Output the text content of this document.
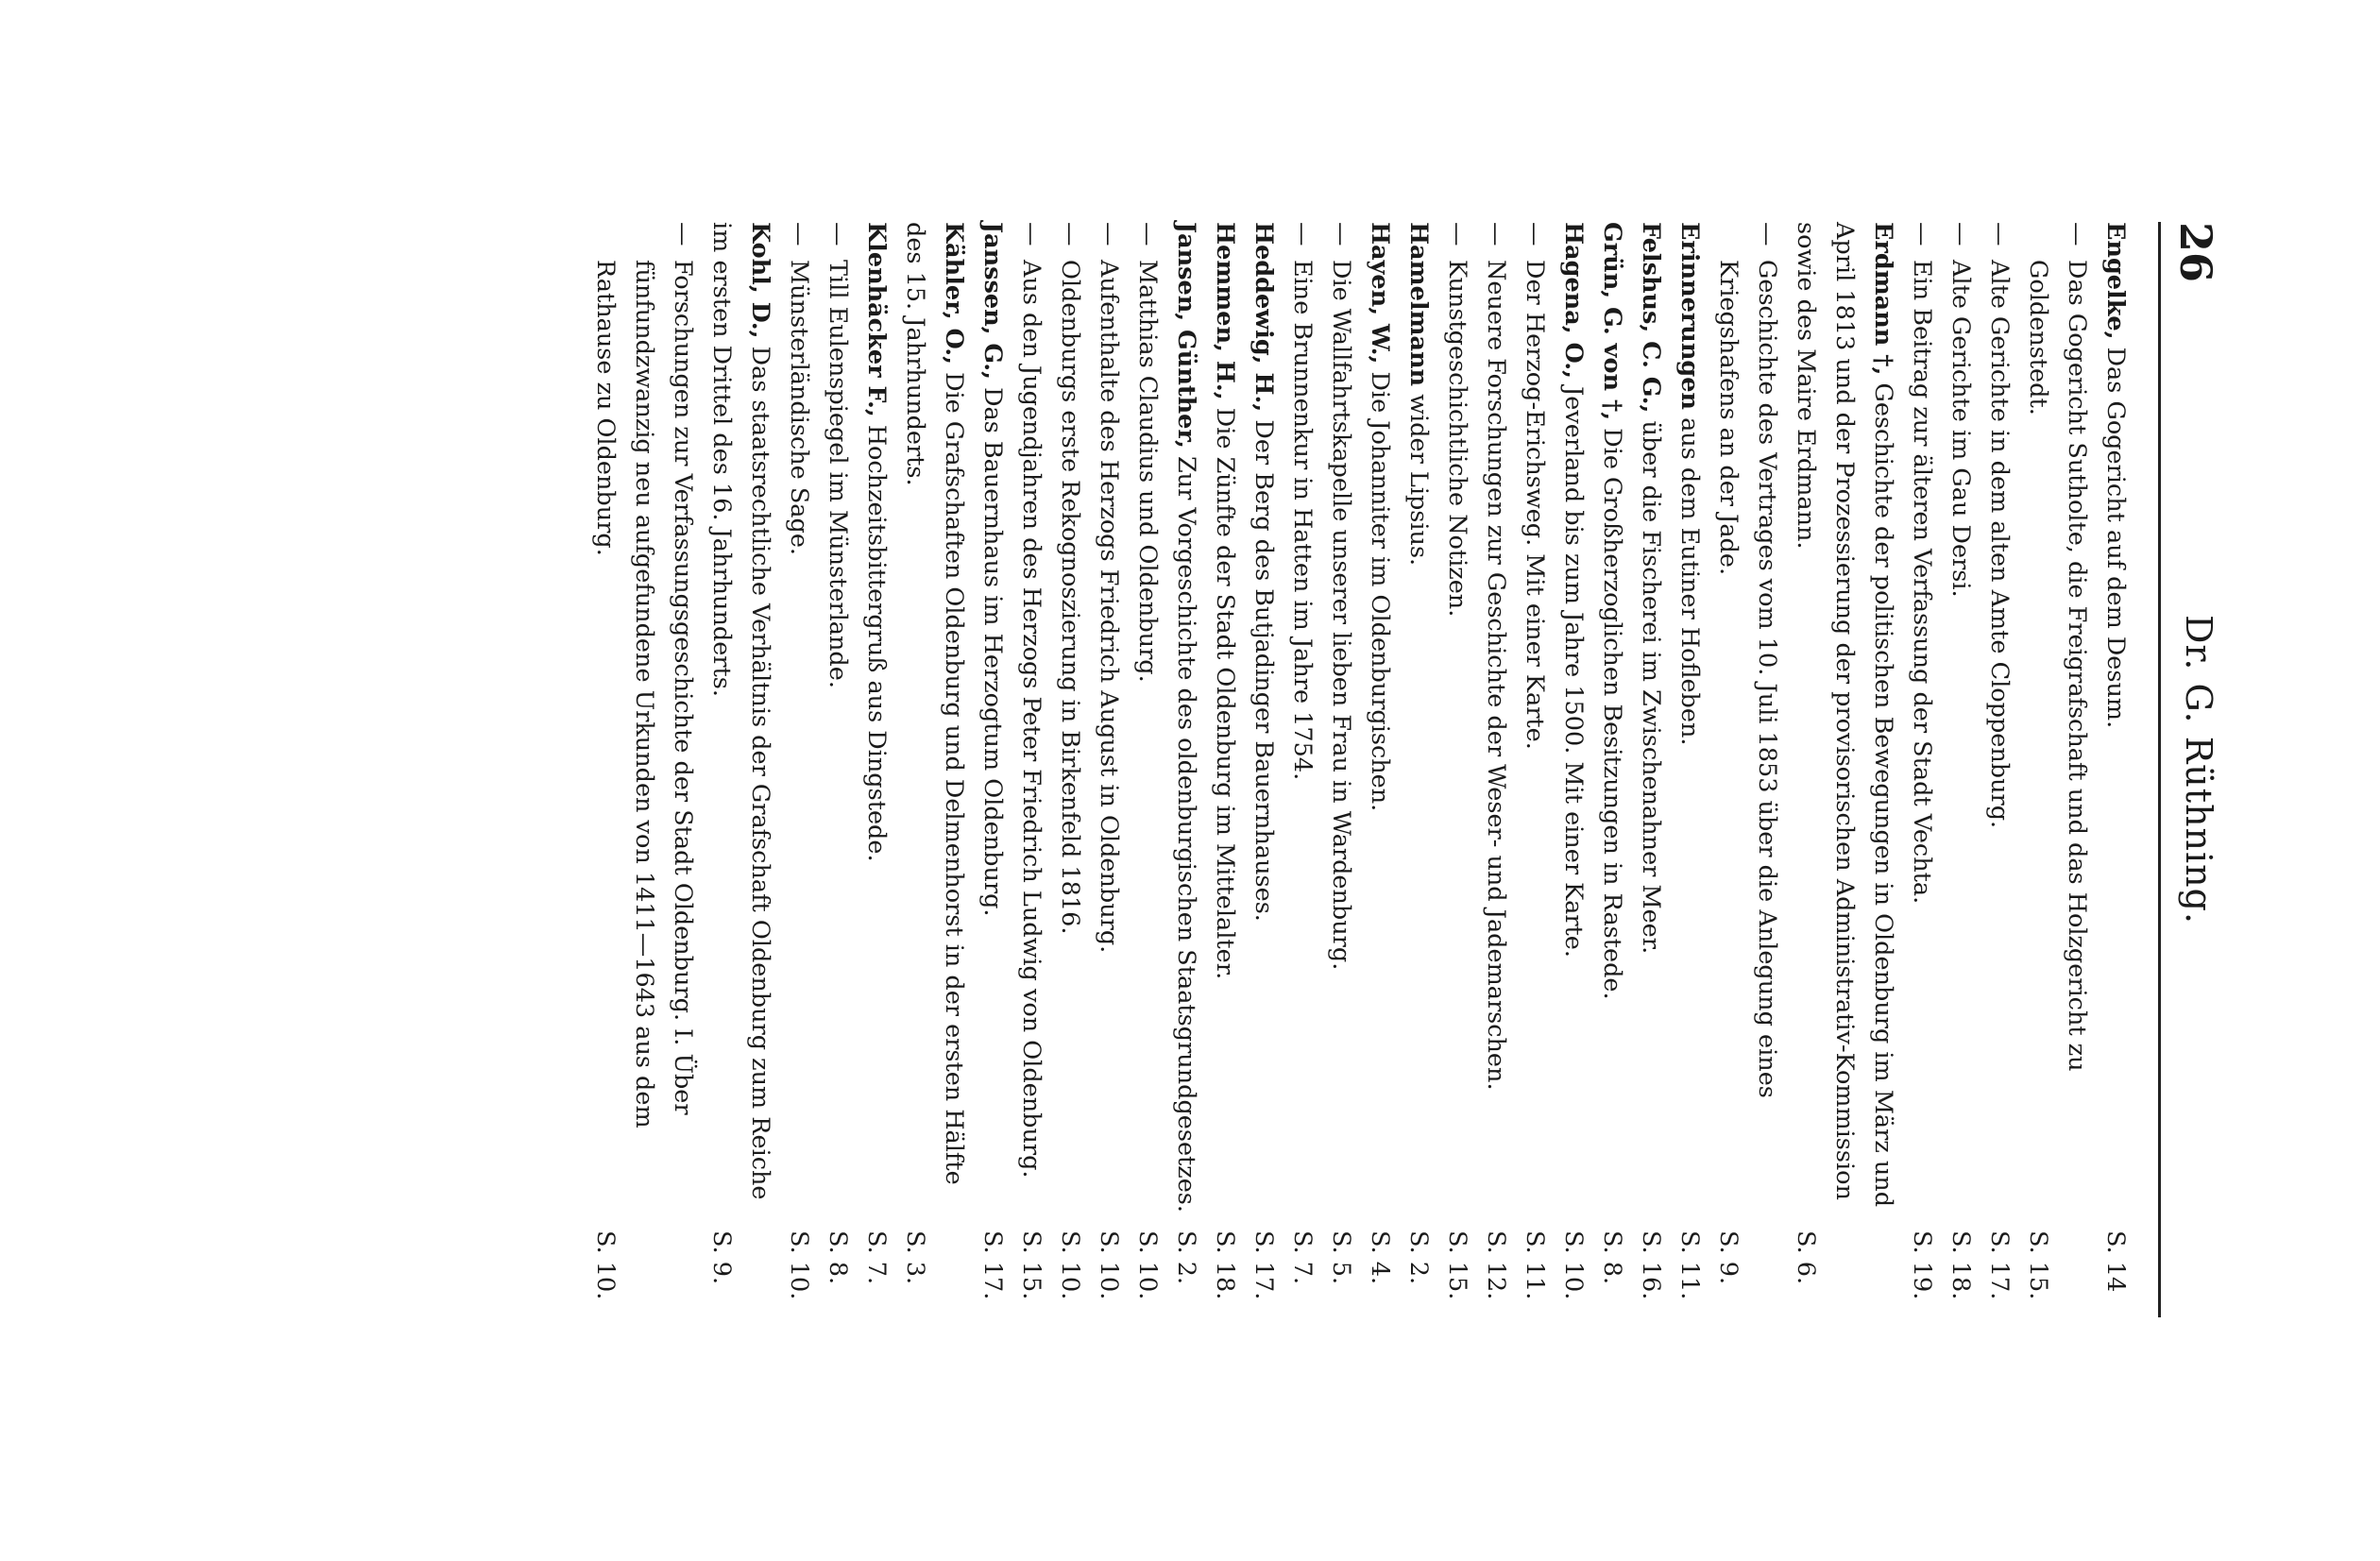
26
Dr. G. Rüthning.
Engelke, Das Gogericht auf dem Desum.
S. 14
—
Das Gogericht Sutholte, die Freigrafschaft und das Holzgericht zu Goldenstedt.
S. 15.
—
Alte Gerichte in dem alten Amte Cloppenburg.
S. 17.
—
Alte Gerichte im Gau Dersi.
S. 18.
—
Ein Beitrag zur älteren Verfassung der Stadt Vechta.
S. 19.
Erdmann †, Geschichte der politischen Bewegungen in Oldenburg im März und April 1813 und der Prozessierung der provisorischen Administrativ-Kommission sowie des Maire Erdmann.
S. 6.
—
Geschichte des Vertrages vom 10. Juli 1853 über die Anlegung eines Kriegshafens an der Jade.
S. 9.
Erinnerungen aus dem Eutiner Hofleben.
S. 11.
Felshus, C. G., über die Fischerei im Zwischenahner Meer.
S. 16.
Grün, G. von †, Die Großherzoglichen Besitzungen in Rastede.
S. 8.
Hagena, O., Jeverland bis zum Jahre 1500. Mit einer Karte.
S. 10.
—
Der Herzog-Erichsweg. Mit einer Karte.
S. 11.
—
Neuere Forschungen zur Geschichte der Weser- und Jademarschen.
S. 12.
—
Kunstgeschichtliche Notizen.
S. 15.
Hamelmann wider Lipsius.
S. 2.
Hayen, W., Die Johanniter im Oldenburgischen.
S. 4.
—
Die Wallfahrtskapelle unserer lieben Frau in Wardenburg.
S. 5.
—
Eine Brunnenkur in Hatten im Jahre 1754.
S. 7.
Heddewig, H., Der Berg des Butjadinger Bauernhauses.
S. 17.
Hemmen, H., Die Zünfte der Stadt Oldenburg im Mittelalter.
S. 18.
Jansen, Günther, Zur Vorgeschichte des oldenburgischen Staatsgrundgesetzes.
S. 2.
—
Matthias Claudius und Oldenburg.
S. 10.
—
Aufenthalte des Herzogs Friedrich August in Oldenburg.
S. 10.
—
Oldenburgs erste Rekognoszierung in Birkenfeld 1816.
S. 10.
—
Aus den Jugendjahren des Herzogs Peter Friedrich Ludwig von Oldenburg.
S. 15.
Janssen, G., Das Bauernhaus im Herzogtum Oldenburg.
S. 17.
Kähler, O., Die Grafschaften Oldenburg und Delmenhorst in der ersten Hälfte des 15. Jahrhunderts.
S. 3.
Klenhäcker F., Hochzeitsbittergruß aus Dingstede.
S. 7.
—
Till Eulenspiegel im Münsterlande.
S. 8.
—
Münsterländische Sage.
S. 10.
Kohl, D., Das staatsrechtliche Verhältnis der Grafschaft Oldenburg zum Reiche im ersten Drittel des 16. Jahrhunderts.
S. 9.
—
Forschungen zur Verfassungsgeschichte der Stadt Oldenburg. I. Über fünfundzwanzig neu aufgefundene Urkunden von 1411—1643 aus dem Rathause zu Oldenburg.
S. 10.
